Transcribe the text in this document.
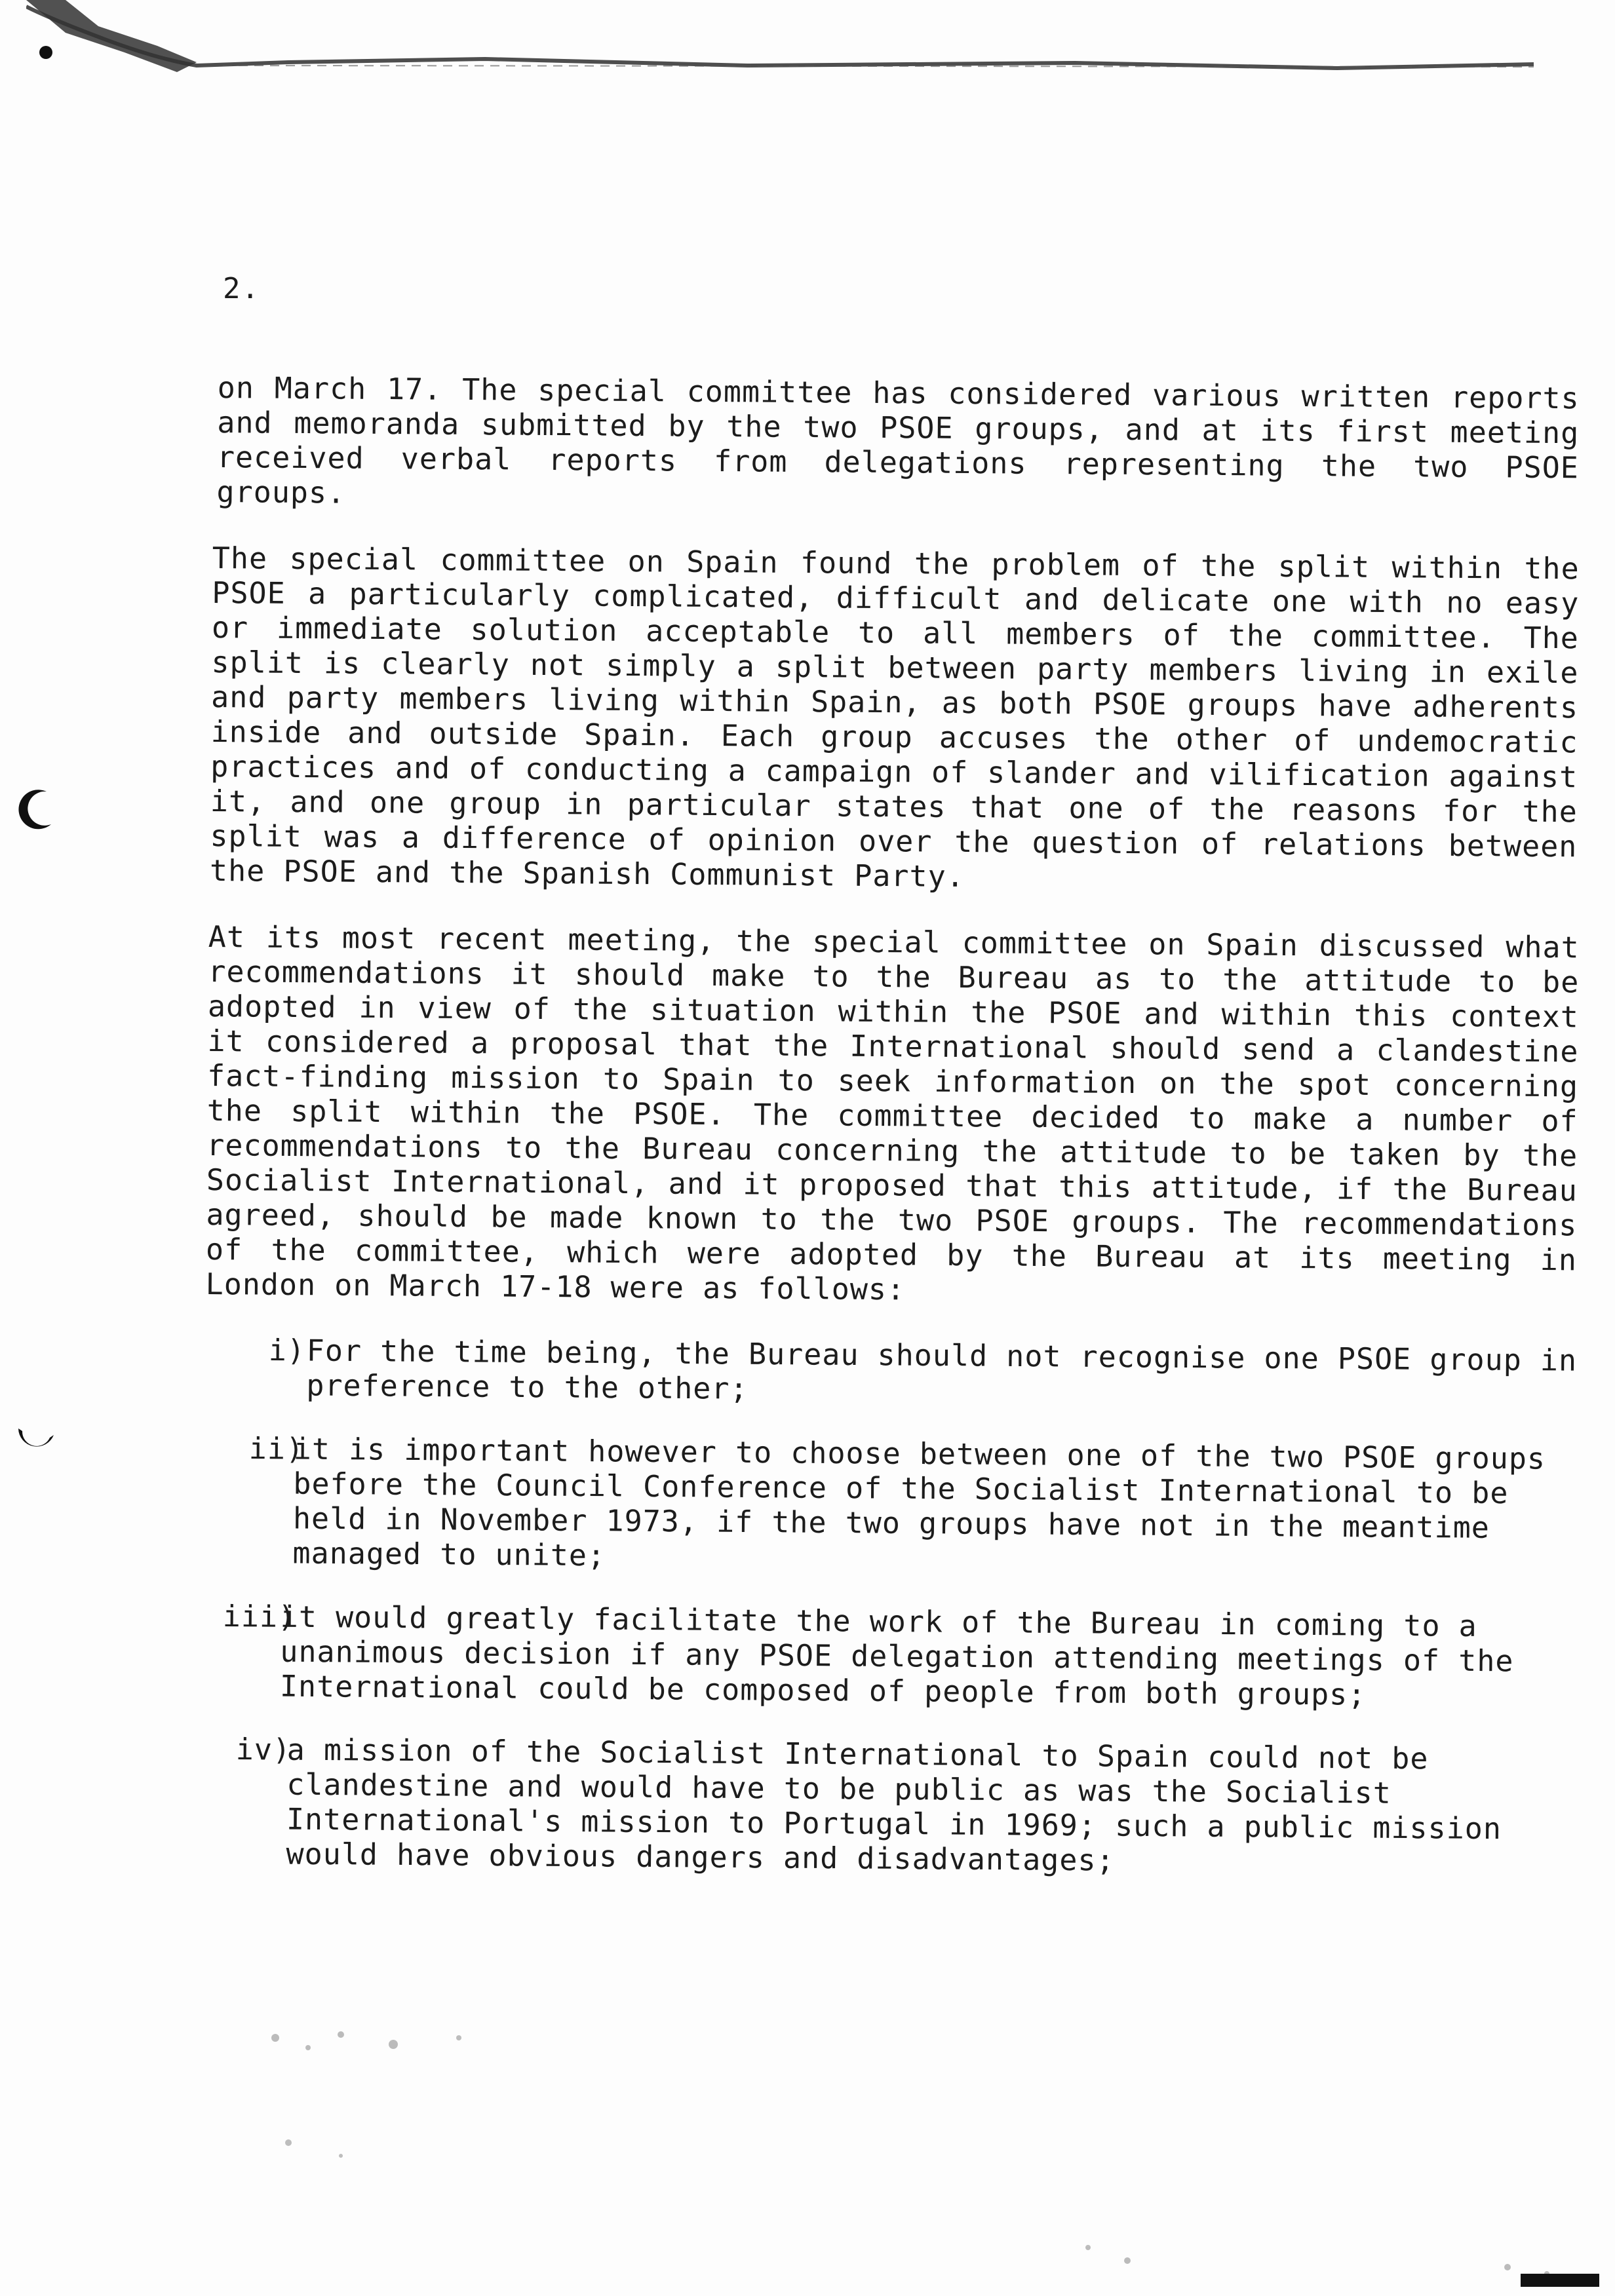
2.

on March 17. The special committee has considered various written reports and memoranda submitted by the two PSOE groups, and at its first meeting received verbal reports from delegations representing the two PSOE groups.

The special committee on Spain found the problem of the split within the PSOE a particularly complicated, difficult and delicate one with no easy or immediate solution acceptable to all members of the committee. The split is clearly not simply a split between party members living in exile and party members living within Spain, as both PSOE groups have adherents inside and outside Spain. Each group accuses the other of undemocratic practices and of conducting a campaign of slander and vilification against it, and one group in particular states that one of the reasons for the split was a difference of opinion over the question of relations between the PSOE and the Spanish Communist Party.

At its most recent meeting, the special committee on Spain discussed what recommendations it should make to the Bureau as to the attitude to be adopted in view of the situation within the PSOE and within this context it considered a proposal that the International should send a clandestine fact-finding mission to Spain to seek information on the spot concerning the split within the PSOE. The committee decided to make a number of recommendations to the Bureau concerning the attitude to be taken by the Socialist International, and it proposed that this attitude, if the Bureau agreed, should be made known to the two PSOE groups. The recommendations of the committee, which were adopted by the Bureau at its meeting in London on March 17-18 were as follows:

i) For the time being, the Bureau should not recognise one PSOE group in preference to the other;
ii)
it is important however to choose between one of the two PSOE groups before the Council Conference of the Socialist International to be held in November 1973, if the two groups have not in the meantime managed to unite;
iii)
it would greatly facilitate the work of the Bureau in coming to a unanimous decision if any PSOE delegation attending meetings of the International could be composed of people from both groups;
iv)
a mission of the Socialist International to Spain could not be clandestine and would have to be public as was the Socialist International's mission to Portugal in 1969; such a public mission would have obvious dangers and disadvantages;
